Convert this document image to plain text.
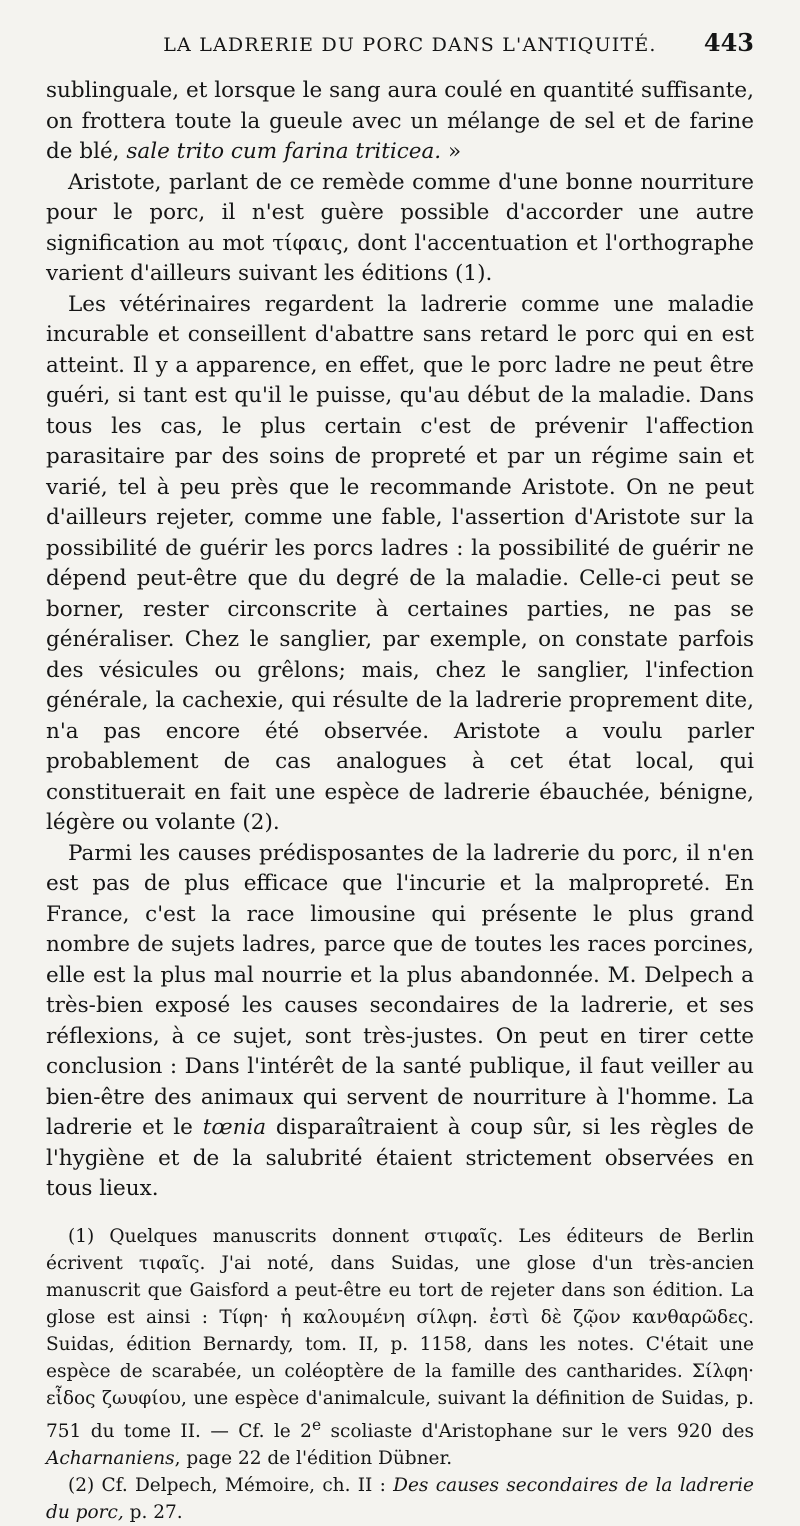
LA LADRERIE DU PORC DANS L'ANTIQUITÉ.	443

sublinguale, et lorsque le sang aura coulé en quantité suffisante, on frottera toute la gueule avec un mélange de sel et de farine de blé, sale trito cum farina triticea. »

Aristote, parlant de ce remède comme d'une bonne nourriture pour le porc, il n'est guère possible d'accorder une autre signification au mot τίφαις, dont l'accentuation et l'orthographe varient d'ailleurs suivant les éditions (1).

Les vétérinaires regardent la ladrerie comme une maladie incurable et conseillent d'abattre sans retard le porc qui en est atteint. Il y a apparence, en effet, que le porc ladre ne peut être guéri, si tant est qu'il le puisse, qu'au début de la maladie. Dans tous les cas, le plus certain c'est de prévenir l'affection parasitaire par des soins de propreté et par un régime sain et varié, tel à peu près que le recommande Aristote. On ne peut d'ailleurs rejeter, comme une fable, l'assertion d'Aristote sur la possibilité de guérir les porcs ladres : la possibilité de guérir ne dépend peut-être que du degré de la maladie. Celle-ci peut se borner, rester circonscrite à certaines parties, ne pas se généraliser. Chez le sanglier, par exemple, on constate parfois des vésicules ou grêlons; mais, chez le sanglier, l'infection générale, la cachexie, qui résulte de la ladrerie proprement dite, n'a pas encore été observée. Aristote a voulu parler probablement de cas analogues à cet état local, qui constituerait en fait une espèce de ladrerie ébauchée, bénigne, légère ou volante (2).

Parmi les causes prédisposantes de la ladrerie du porc, il n'en est pas de plus efficace que l'incurie et la malpropreté. En France, c'est la race limousine qui présente le plus grand nombre de sujets ladres, parce que de toutes les races porcines, elle est la plus mal nourrie et la plus abandonnée. M. Delpech a très-bien exposé les causes secondaires de la ladrerie, et ses réflexions, à ce sujet, sont très-justes. On peut en tirer cette conclusion : Dans l'intérêt de la santé publique, il faut veiller au bien-être des animaux qui servent de nourriture à l'homme. La ladrerie et le tœnia disparaîtraient à coup sûr, si les règles de l'hygiène et de la salubrité étaient strictement observées en tous lieux.

(1) Quelques manuscrits donnent στιφαῖς. Les éditeurs de Berlin écrivent τιφαῖς. J'ai noté, dans Suidas, une glose d'un très-ancien manuscrit que Gaisford a peut-être eu tort de rejeter dans son édition. La glose est ainsi : Τίφη· ἡ καλουμένη σίλφη. ἐστὶ δὲ ζῷον κανθαρῶδες. Suidas, édition Bernardy, tom. II, p. 1158, dans les notes. C'était une espèce de scarabée, un coléoptère de la famille des cantharides. Σίλφη· εἶδος ζωυφίου, une espèce d'animalcule, suivant la définition de Suidas, p. 751 du tome II. — Cf. le 2e scoliaste d'Aristophane sur le vers 920 des Acharnaniens, page 22 de l'édition Dübner.

(2) Cf. Delpech, Mémoire, ch. II : Des causes secondaires de la ladrerie du porc, p. 27.
